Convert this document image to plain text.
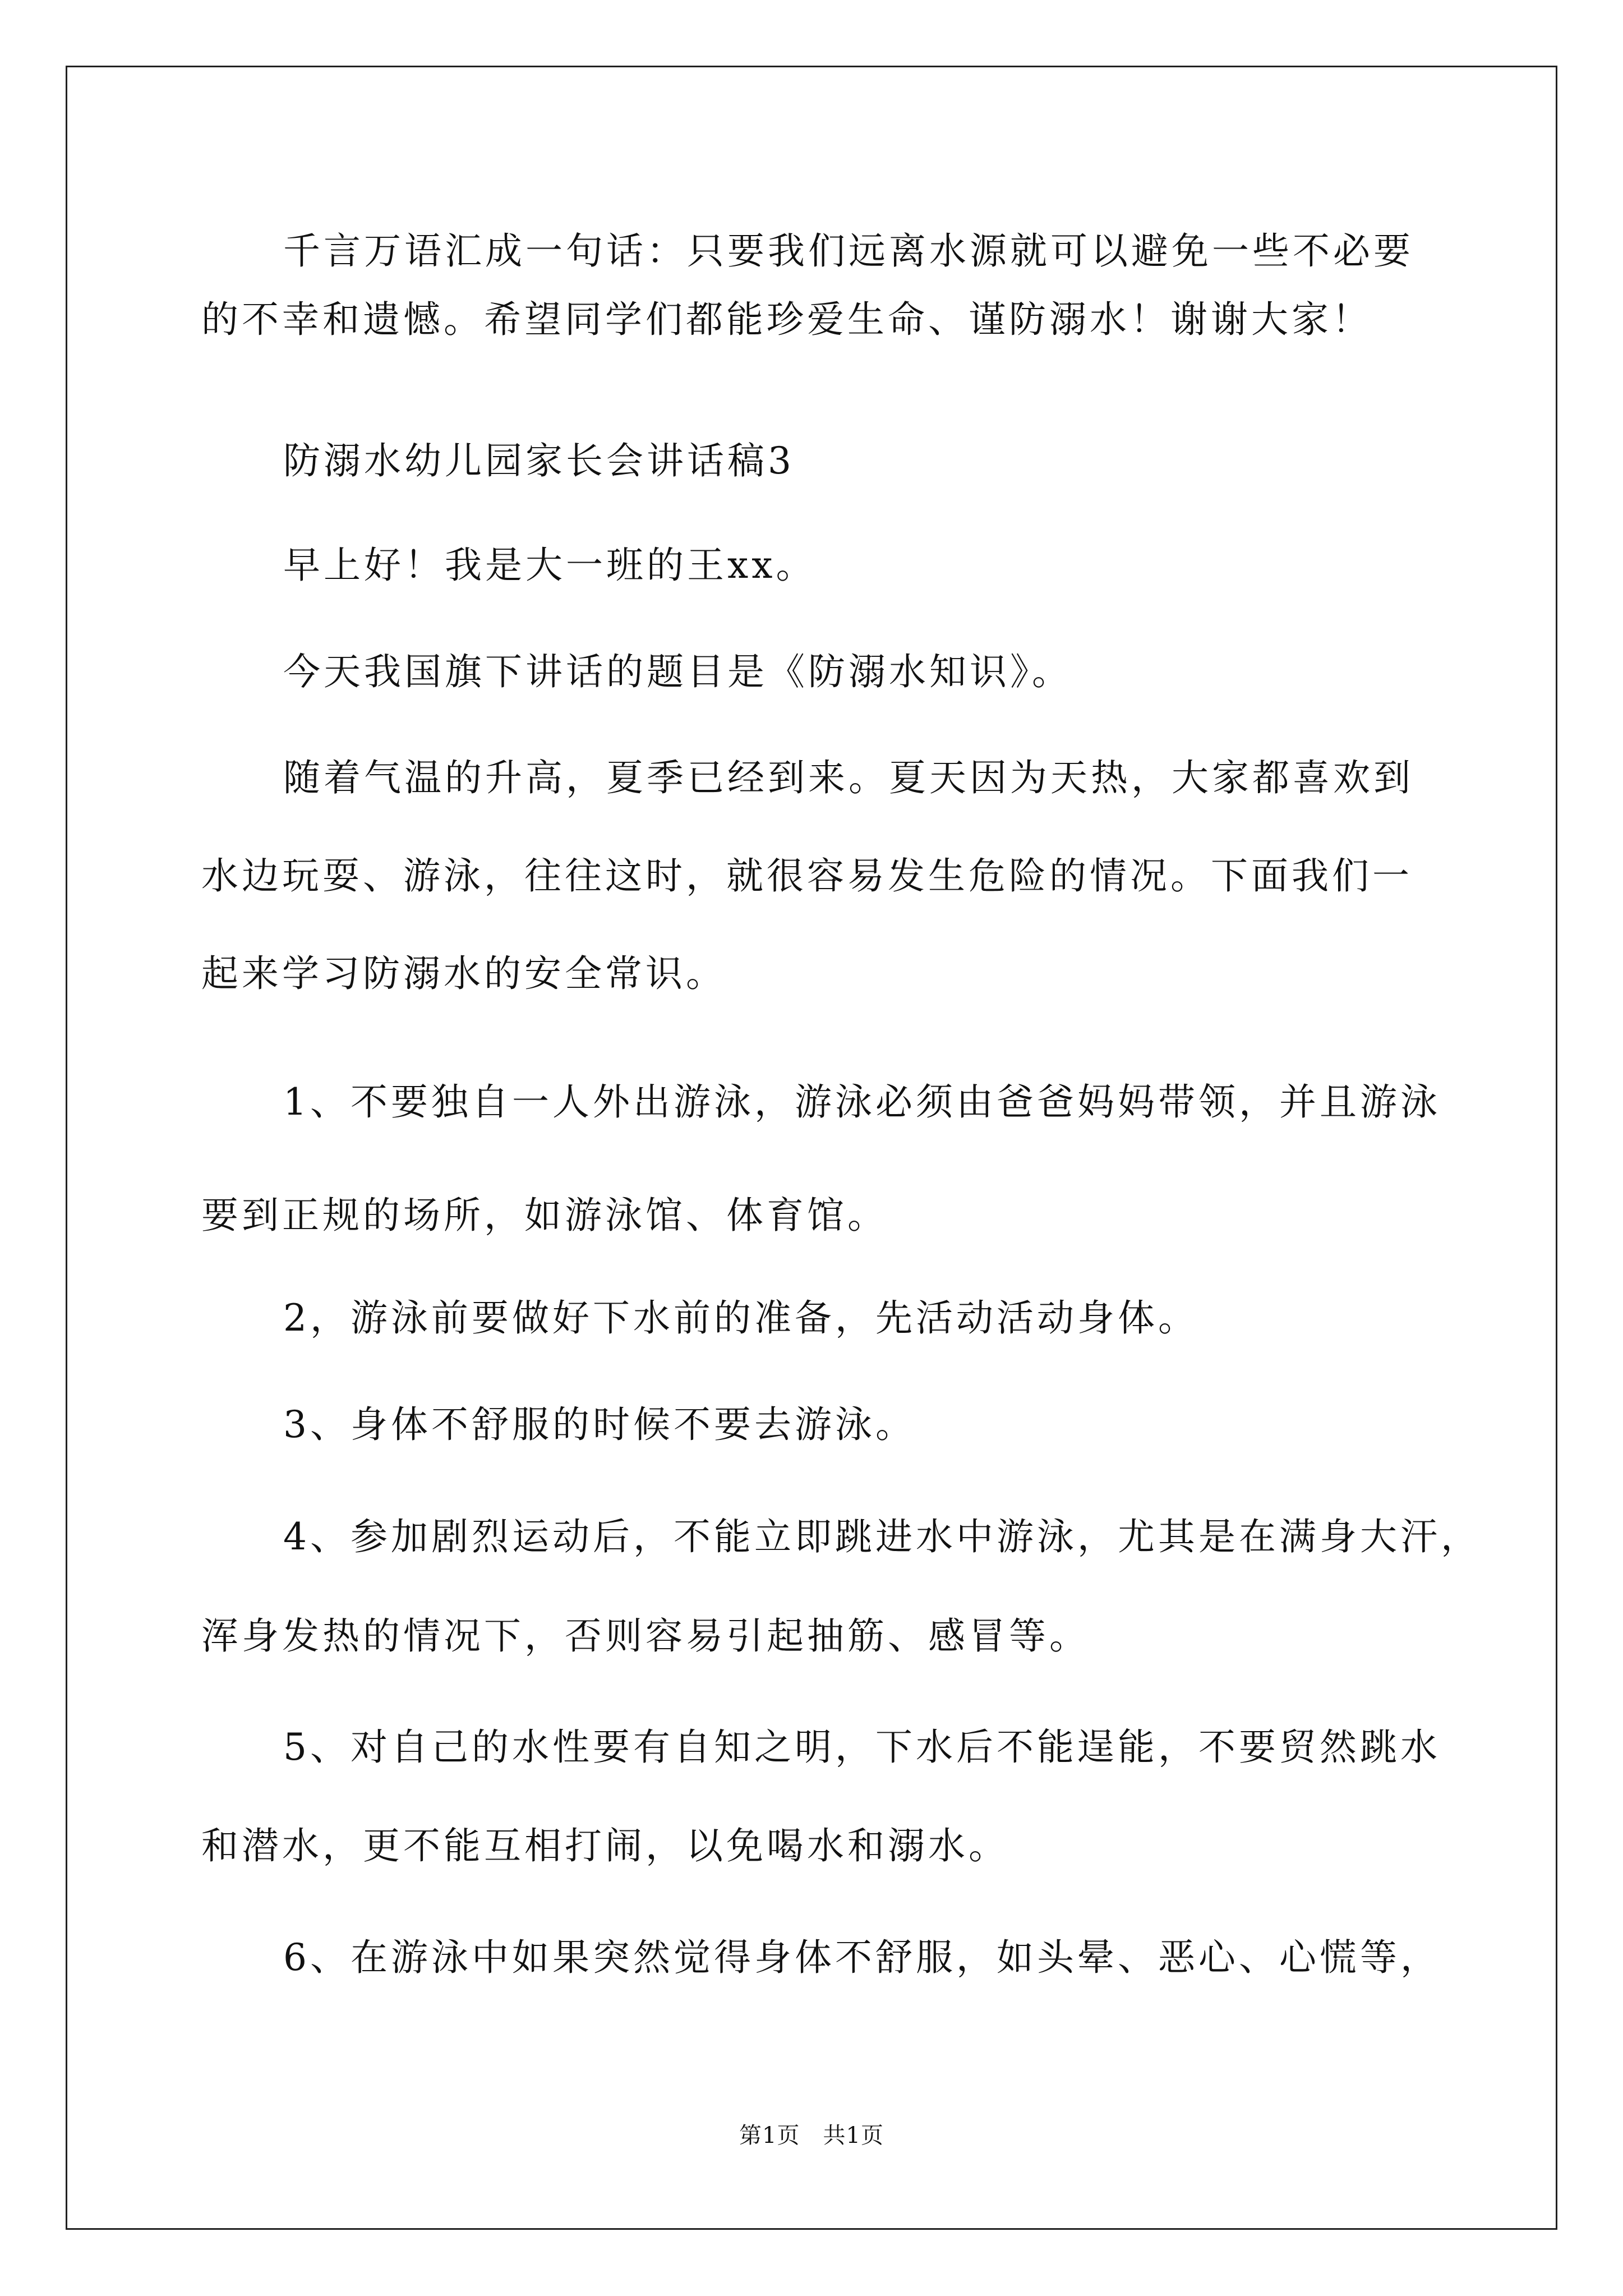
千言万语汇成一句话：只要我们远离水源就可以避免一些不必要
的不幸和遗憾。希望同学们都能珍爱生命、谨防溺水！谢谢大家！
防溺水幼儿园家长会讲话稿3
早上好！我是大一班的王xx。
今天我国旗下讲话的题目是《防溺水知识》。
随着气温的升高，夏季已经到来。夏天因为天热，大家都喜欢到
水边玩耍、游泳，往往这时，就很容易发生危险的情况。下面我们一
起来学习防溺水的安全常识。
1、不要独自一人外出游泳，游泳必须由爸爸妈妈带领，并且游泳
要到正规的场所，如游泳馆、体育馆。
2，游泳前要做好下水前的准备，先活动活动身体。
3、身体不舒服的时候不要去游泳。
4、参加剧烈运动后，不能立即跳进水中游泳，尤其是在满身大汗，
浑身发热的情况下，否则容易引起抽筋、感冒等。
5、对自己的水性要有自知之明，下水后不能逞能，不要贸然跳水
和潜水，更不能互相打闹，以免喝水和溺水。
6、在游泳中如果突然觉得身体不舒服，如头晕、恶心、心慌等，
第1页　共1页
